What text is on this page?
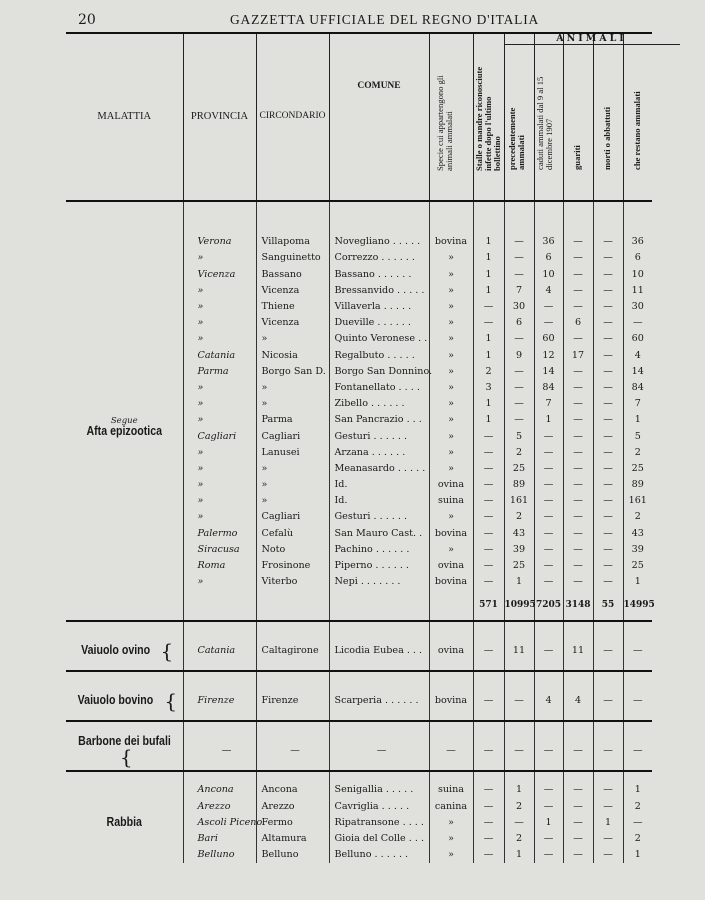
20	GAZZETTA UFFICIALE DEL REGNO D'ITALIA
MALATTIA	PROVINCIA	CIRCONDARIO	COMUNE	Specie cui appartengono gli animali ammalati	Stalle o mandre riconosciute infette dopo l'ultimo bollettino	ANIMALI
precedentemente ammalati	caduti ammalati dal 9 al 15 dicembre 1907	guariti	morti o abbattuti	che restano ammalati

Segue
Afta epizootica	Verona	Villapoma	Novegliano . . . . .	bovina	1	—	36	—	—	36
	»	Sanguinetto	Correzzo . . . . . .	»	1	—	6	—	—	6
	Vicenza	Bassano	Bassano . . . . . .	»	1	—	10	—	—	10
	»	Vicenza	Bressanvido . . . . .	»	1	7	4	—	—	11
	»	Thiene	Villaverla . . . . .	»	—	30	—	—	—	30
	»	Vicenza	Dueville . . . . . .	»	—	6	—	6	—	—
	»	»	Quinto Veronese . .	»	1	—	60	—	—	60
	Catania	Nicosia	Regalbuto . . . . .	»	1	9	12	17	—	4
	Parma	Borgo San D.	Borgo San Donnino.	»	2	—	14	—	—	14
	»	»	Fontanellato . . . .	»	3	—	84	—	—	84
	»	»	Zibello . . . . . .	»	1	—	7	—	—	7
	»	Parma	San Pancrazio . . .	»	1	—	1	—	—	1
	Cagliari	Cagliari	Gesturi . . . . . .	»	—	5	—	—	—	5
	»	Lanusei	Arzana . . . . . .	»	—	2	—	—	—	2
	»	»	Meanasardo . . . . .	»	—	25	—	—	—	25
	»	»	Id.	ovina	—	89	—	—	—	89
	»	»	Id.	suina	—	161	—	—	—	161
	»	Cagliari	Gesturi . . . . . .	»	—	2	—	—	—	2
	Palermo	Cefalù	San Mauro Cast. .	bovina	—	43	—	—	—	43
	Siracusa	Noto	Pachino . . . . . .	»	—	39	—	—	—	39
	Roma	Frosinone	Piperno . . . . . .	ovina	—	25	—	—	—	25
	»	Viterbo	Nepi . . . . . . .	bovina	—	1	—	—	—	1
					571	10995	7205	3148	55	14995

Vaiuolo ovino {	Catania	Caltagirone	Licodia Eubea . . .	ovina	—	11	—	11	—	—

Vaiuolo bovino {	Firenze	Firenze	Scarperia . . . . . .	bovina	—	—	4	4	—	—

Barbone dei bufali{	—	—	—	—	—	—	—	—	—	—

Rabbia	Ancona	Ancona	Senigallia . . . . .	suina	—	1	—	—	—	1
	Arezzo	Arezzo	Cavriglia . . . . .	canina	—	2	—	—	—	2
	Ascoli Piceno	Fermo	Ripatransone . . . .	»	—	—	1	—	1	—
	Bari	Altamura	Gioia del Colle . . .	»	—	2	—	—	—	2
	Belluno	Belluno	Belluno . . . . . .	»	—	1	—	—	—	1
